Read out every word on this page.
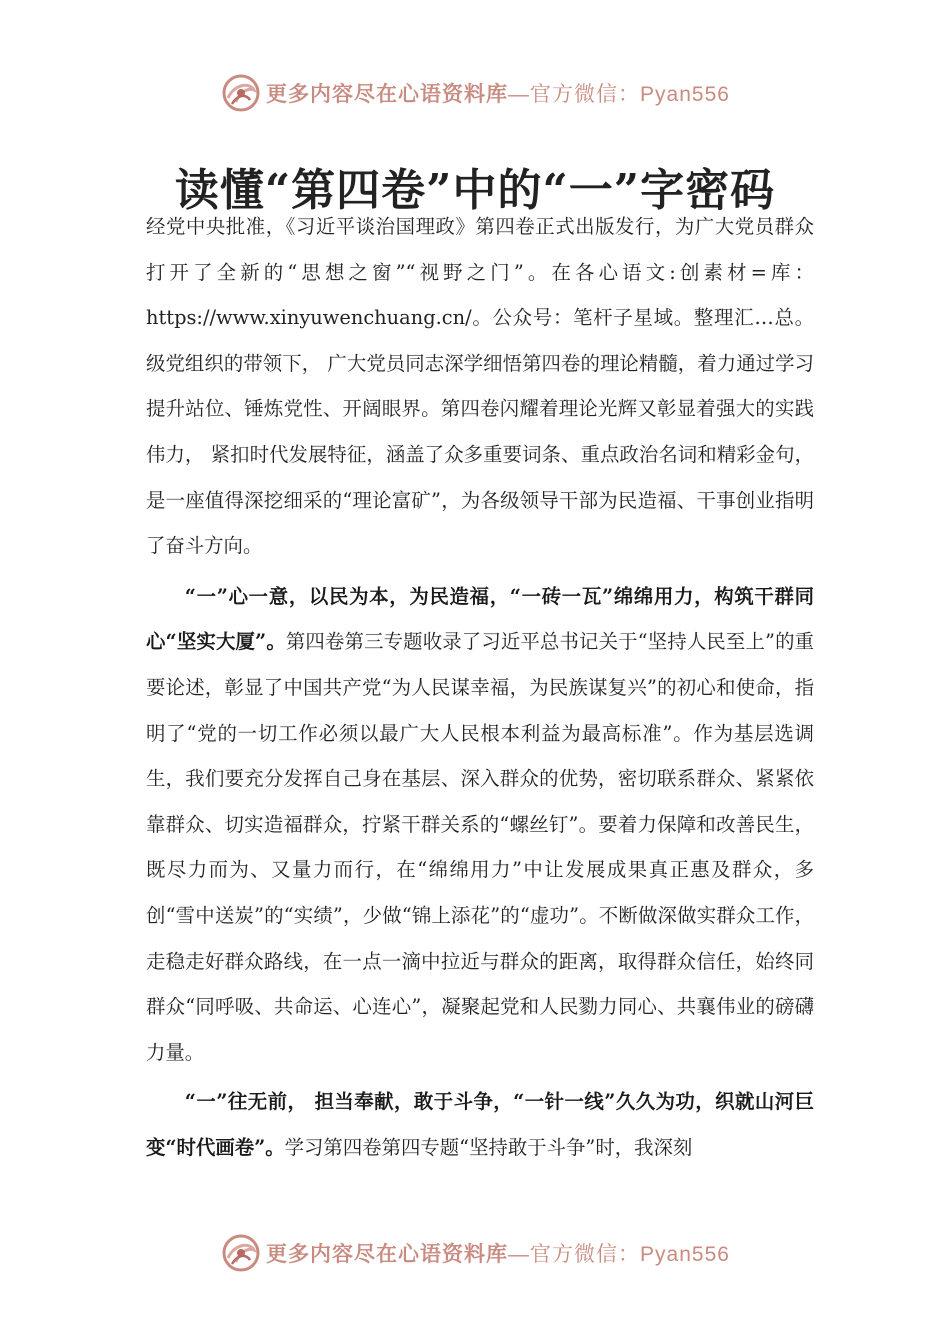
更多内容尽在心语资料库—官方微信：Pyan556
读懂“第四卷”中的“一”字密码

经党中央批准，《习近平谈治国理政》第四卷正式出版发行，为广大党员群众打开了全新的“思想之窗”“视野之门”。在各心语文:创素材=库：https://www.xinyuwenchuang.cn/。公众号：笔杆子星域。整理汇…总。级党组织的带领下， 广大党员同志深学细悟第四卷的理论精髓，着力通过学习提升站位、锤炼党性、开阔眼界。第四卷闪耀着理论光辉又彰显着强大的实践伟力， 紧扣时代发展特征，涵盖了众多重要词条、重点政治名词和精彩金句， 是一座值得深挖细采的“理论富矿”，为各级领导干部为民造福、干事创业指明了奋斗方向。

“一”心一意，以民为本，为民造福，“一砖一瓦”绵绵用力，构筑干群同心“坚实大厦”。第四卷第三专题收录了习近平总书记关于“坚持人民至上”的重要论述，彰显了中国共产党“为人民谋幸福，为民族谋复兴”的初心和使命，指明了“党的一切工作必须以最广大人民根本利益为最高标准”。作为基层选调生，我们要充分发挥自己身在基层、深入群众的优势，密切联系群众、紧紧依靠群众、切实造福群众，拧紧干群关系的“螺丝钉”。要着力保障和改善民生，既尽力而为、又量力而行，在“绵绵用力”中让发展成果真正惠及群众，多创“雪中送炭”的“实绩”，少做“锦上添花”的“虚功”。不断做深做实群众工作，走稳走好群众路线，在一点一滴中拉近与群众的距离，取得群众信任，始终同群众“同呼吸、共命运、心连心”，凝聚起党和人民勠力同心、共襄伟业的磅礴力量。

“一”往无前， 担当奉献，敢于斗争，“一针一线”久久为功，织就山河巨变“时代画卷”。学习第四卷第四专题“坚持敢于斗争”时，我深刻

更多内容尽在心语资料库—官方微信：Pyan556
